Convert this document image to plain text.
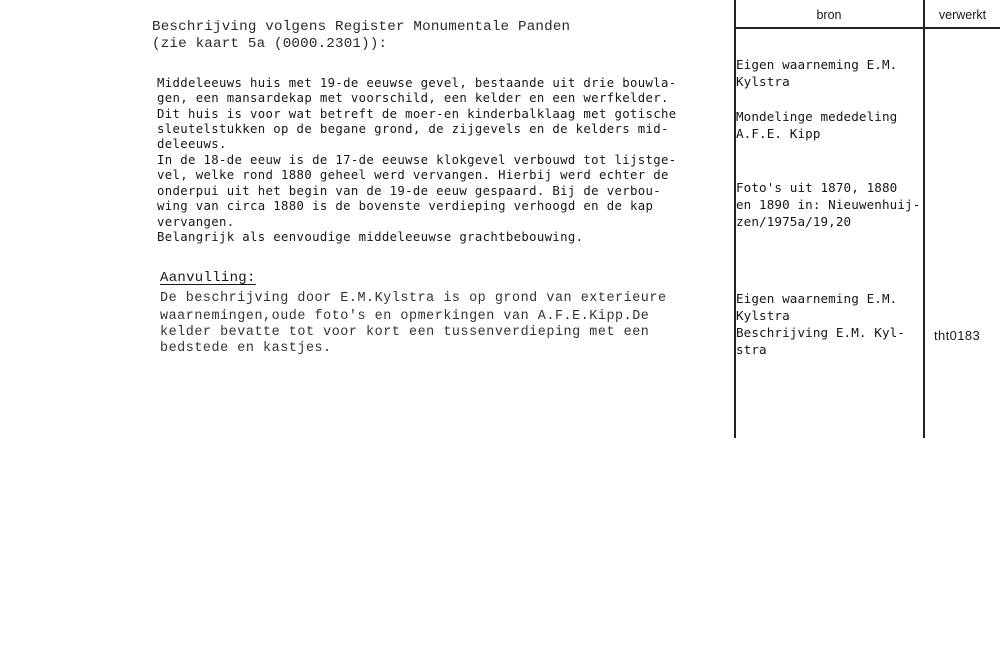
Beschrijving volgens Register Monumentale Panden
(zie kaart 5a (0000.2301)):
Middeleeuws huis met 19-de eeuwse gevel, bestaande uit drie bouwla-
gen, een mansardekap met voorschild, een kelder en een werfkelder.
Dit huis is voor wat betreft de moer-en kinderbalklaag met gotische
sleutelstukken op de begane grond, de zijgevels en de kelders mid-
deleeuws.
In de 18-de eeuw is de 17-de eeuwse klokgevel verbouwd tot lijstge-
vel, welke rond 1880 geheel werd vervangen. Hierbij werd echter de
onderpui uit het begin van de 19-de eeuw gespaard. Bij de verbou-
wing van circa 1880 is de bovenste verdieping verhoogd en de kap
vervangen.
Belangrijk als eenvoudige middeleeuwse grachtbebouwing.
Aanvulling:
De beschrijving door E.M.Kylstra is op grond van exterieure
waarnemingen,oude foto's en opmerkingen van A.F.E.Kipp.De
kelder bevatte tot voor kort een tussenverdieping met een
bedstede en kastjes.
bron	verwerkt
Eigen waarneming E.M.
Kylstra
Mondelinge mededeling
A.F.E. Kipp
Foto's uit 1870, 1880
en 1890 in: Nieuwenhuij-
zen/1975a/19,20
Eigen waarneming E.M.
Kylstra
Beschrijving E.M. Kyl-
stra
tht0183
